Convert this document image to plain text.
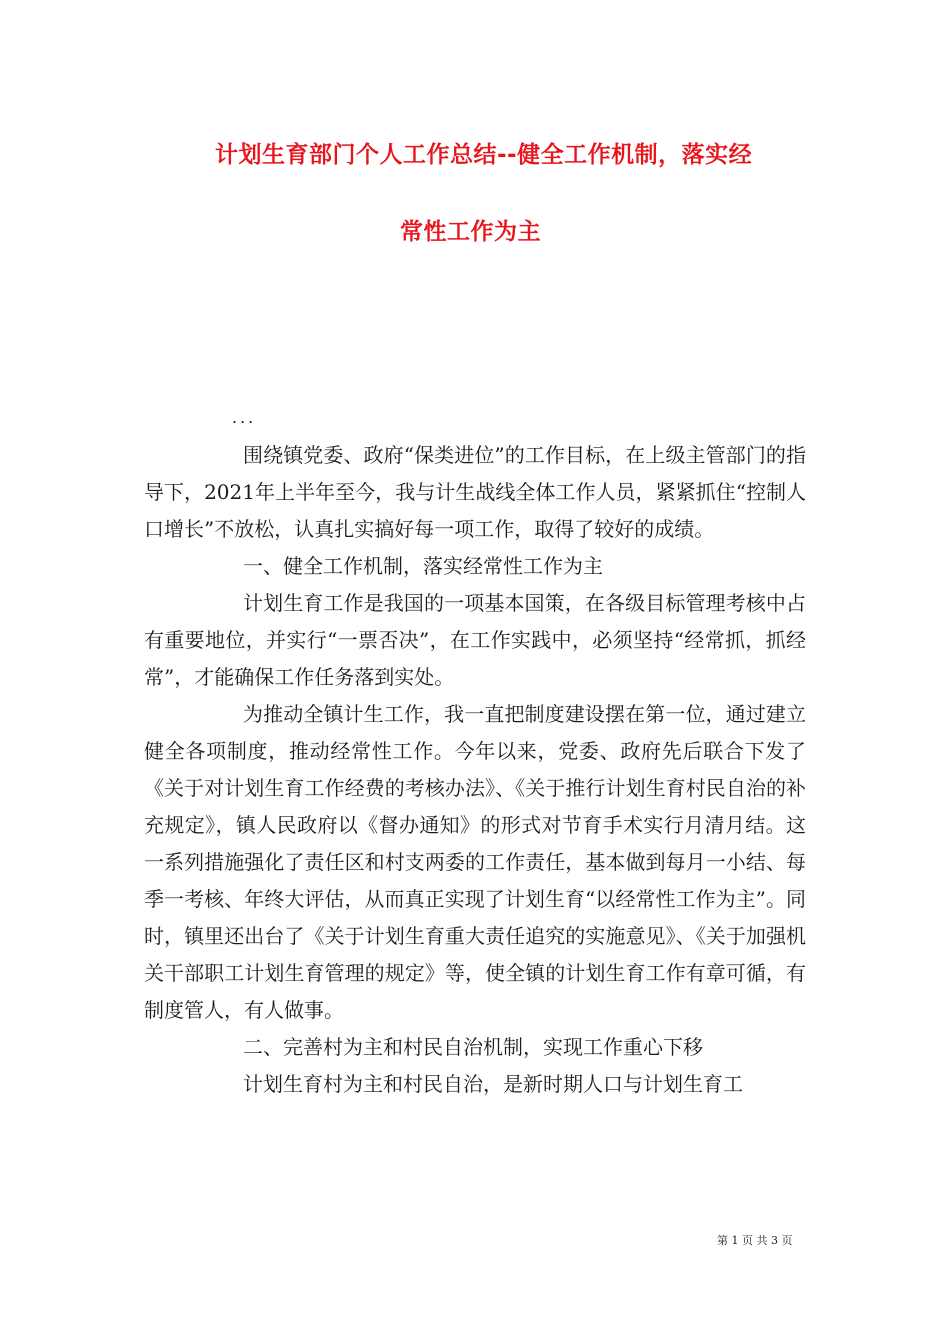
计划生育部门个人工作总结--健全工作机制，落实经
常性工作为主
...

围绕镇党委、政府“保类进位”的工作目标，在上级主管部门的指导下，2021年上半年至今，我与计生战线全体工作人员，紧紧抓住“控制人口增长”不放松，认真扎实搞好每一项工作，取得了较好的成绩。

一、健全工作机制，落实经常性工作为主

计划生育工作是我国的一项基本国策，在各级目标管理考核中占有重要地位，并实行“一票否决”，在工作实践中，必须坚持“经常抓，抓经常”，才能确保工作任务落到实处。

为推动全镇计生工作，我一直把制度建设摆在第一位，通过建立健全各项制度，推动经常性工作。今年以来，党委、政府先后联合下发了《关于对计划生育工作经费的考核办法》、《关于推行计划生育村民自治的补充规定》，镇人民政府以《督办通知》的形式对节育手术实行月清月结。这一系列措施强化了责任区和村支两委的工作责任，基本做到每月一小结、每季一考核、年终大评估，从而真正实现了计划生育“以经常性工作为主”。同时，镇里还出台了《关于计划生育重大责任追究的实施意见》、《关于加强机关干部职工计划生育管理的规定》等，使全镇的计划生育工作有章可循，有制度管人，有人做事。

二、完善村为主和村民自治机制，实现工作重心下移

计划生育村为主和村民自治，是新时期人口与计划生育工

第 1 页 共 3 页
